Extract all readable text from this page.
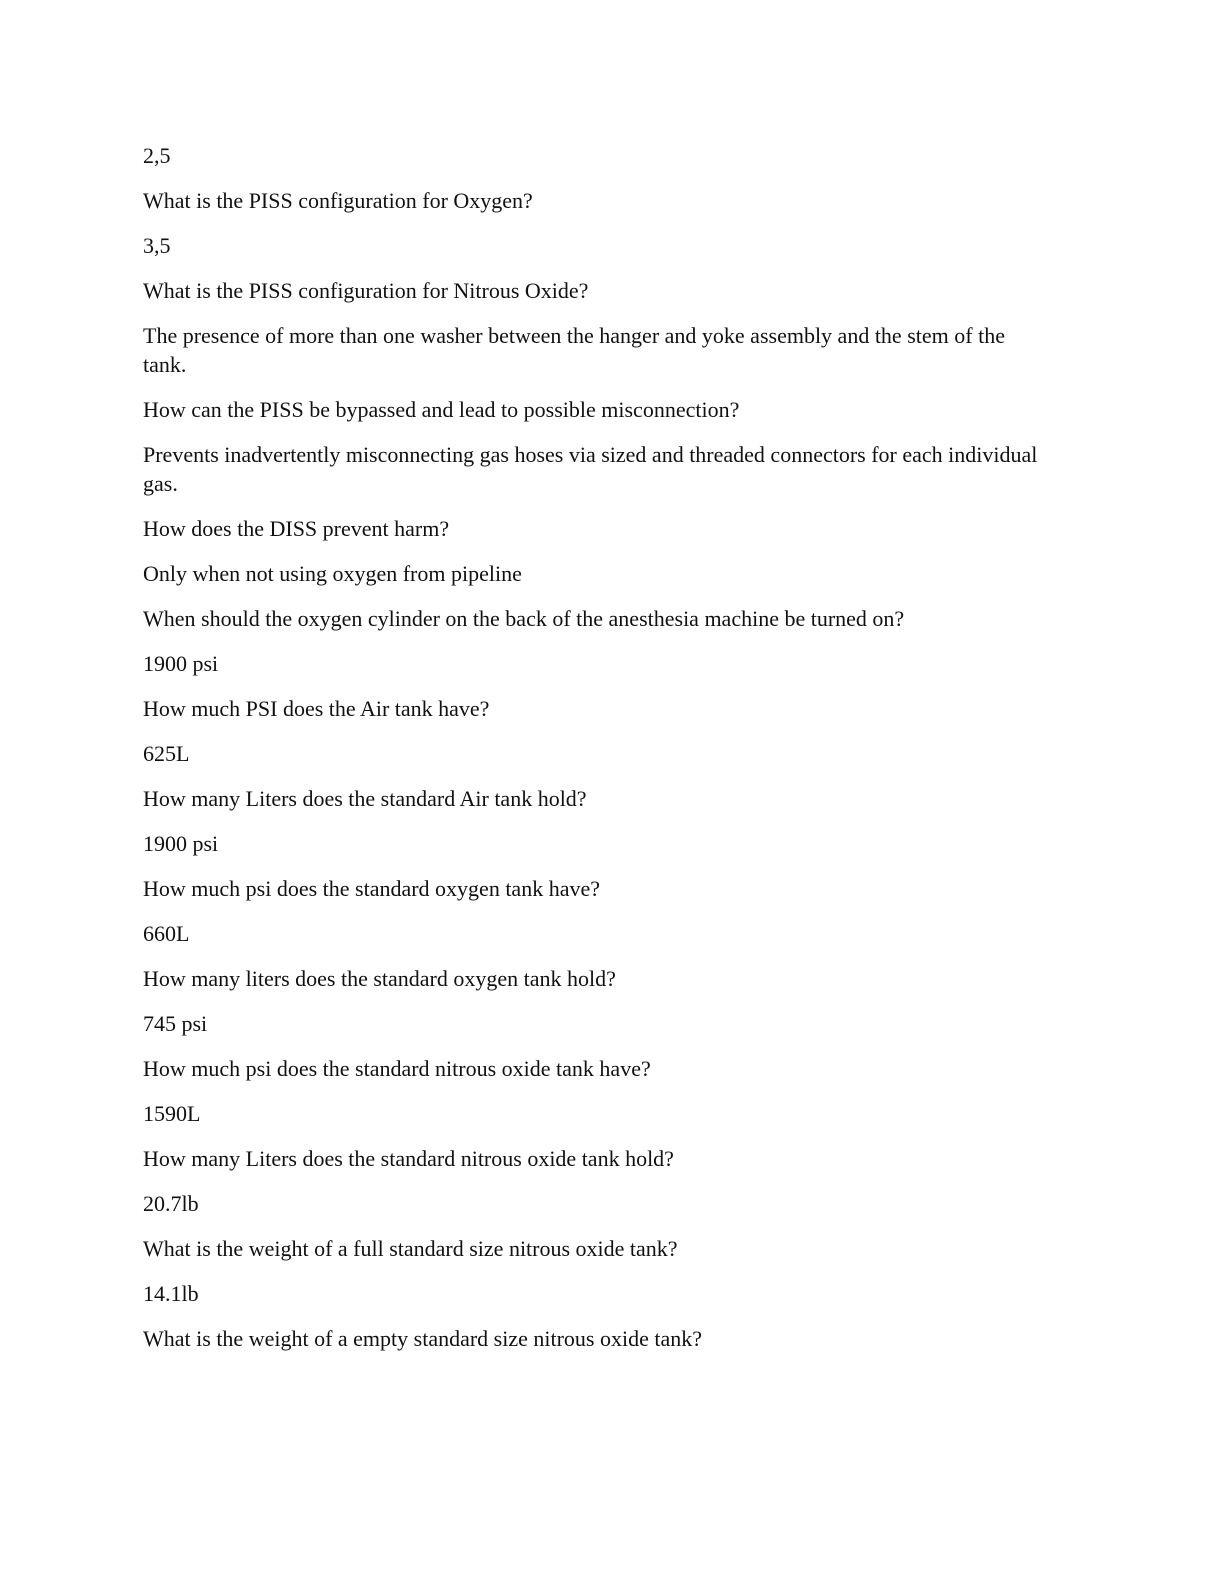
2,5

What is the PISS configuration for Oxygen?

3,5

What is the PISS configuration for Nitrous Oxide?

The presence of more than one washer between the hanger and yoke assembly and the stem of the tank.

How can the PISS be bypassed and lead to possible misconnection?

Prevents inadvertently misconnecting gas hoses via sized and threaded connectors for each individual gas.

How does the DISS prevent harm?

Only when not using oxygen from pipeline

When should the oxygen cylinder on the back of the anesthesia machine be turned on?

1900 psi

How much PSI does the Air tank have?

625L

How many Liters does the standard Air tank hold?

1900 psi

How much psi does the standard oxygen tank have?

660L

How many liters does the standard oxygen tank hold?

745 psi

How much psi does the standard nitrous oxide tank have?

1590L

How many Liters does the standard nitrous oxide tank hold?

20.7lb

What is the weight of a full standard size nitrous oxide tank?

14.1lb

What is the weight of a empty standard size nitrous oxide tank?
